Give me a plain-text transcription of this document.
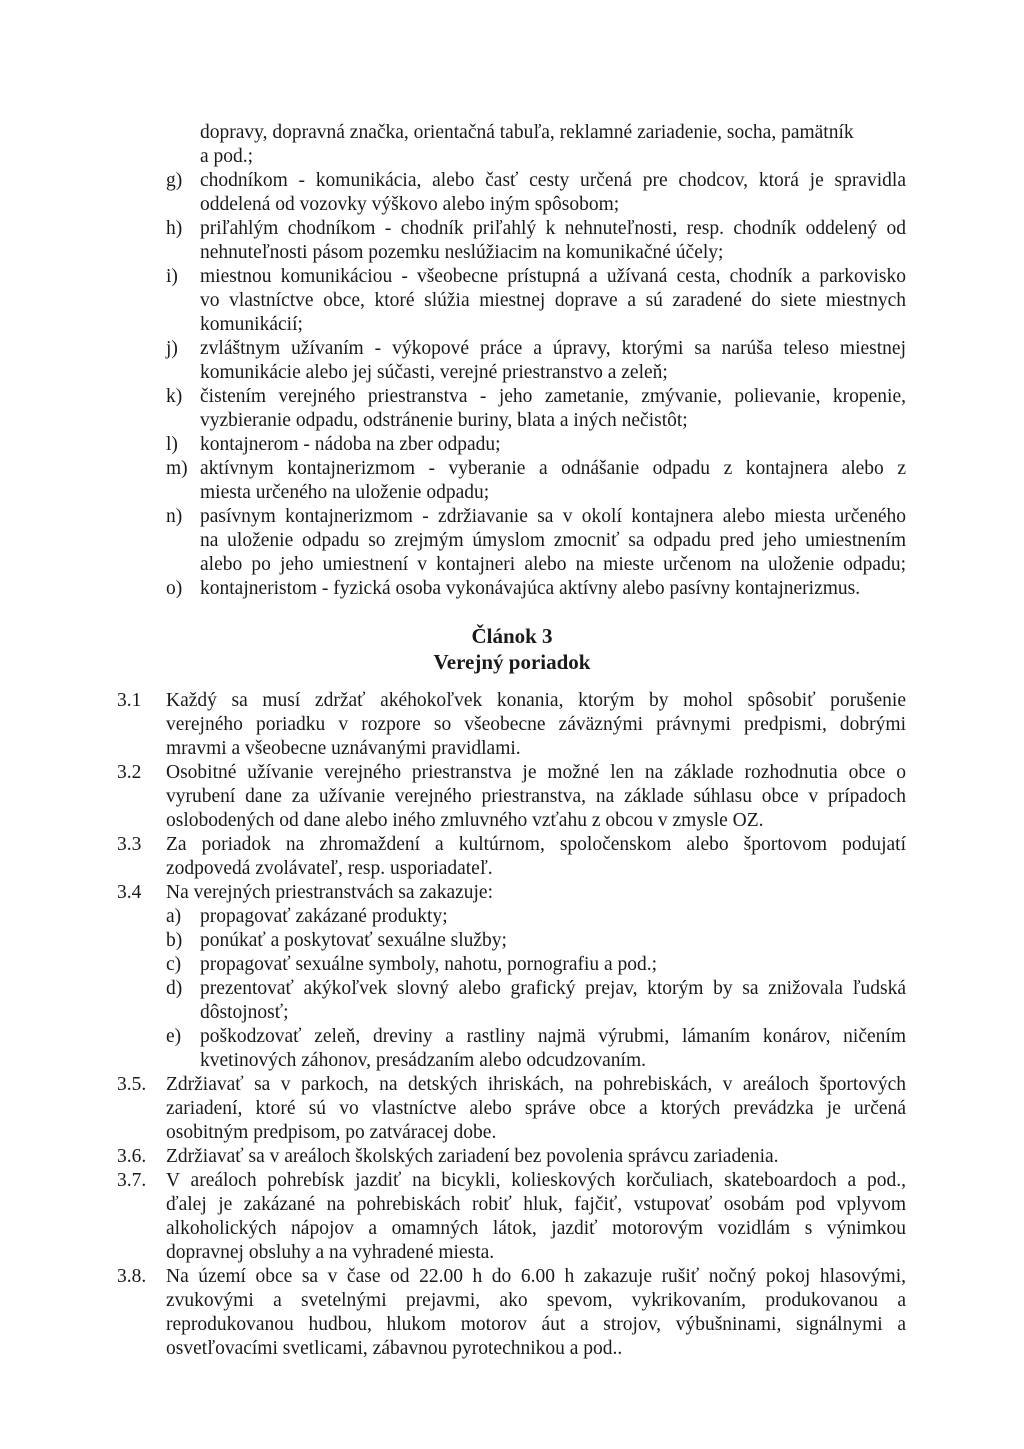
dopravy, dopravná značka, orientačná tabuľa, reklamné zariadenie, socha, pamätník
a pod.;
g) chodníkom - komunikácia, alebo časť cesty určená pre chodcov, ktorá je spravidla
oddelená od vozovky výškovo alebo iným spôsobom;
h) priľahlým chodníkom - chodník priľahlý k nehnuteľnosti, resp. chodník oddelený od
nehnuteľnosti pásom pozemku neslúžiacim na komunikačné účely;
i) miestnou komunikáciou - všeobecne prístupná a užívaná cesta, chodník a parkovisko
vo vlastníctve obce, ktoré slúžia miestnej doprave a sú zaradené do siete miestnych
komunikácií;
j) zvláštnym užívaním - výkopové práce a úpravy, ktorými sa narúša teleso miestnej
komunikácie alebo jej súčasti, verejné priestranstvo a zeleň;
k) čistením verejného priestranstva - jeho zametanie, zmývanie, polievanie, kropenie,
vyzbieranie odpadu, odstránenie buriny, blata a iných nečistôt;
l) kontajnerom - nádoba na zber odpadu;
m) aktívnym kontajnerizmom - vyberanie a odnášanie odpadu z kontajnera alebo z
miesta určeného na uloženie odpadu;
n) pasívnym kontajnerizmom - zdržiavanie sa v okolí kontajnera alebo miesta určeného
na uloženie odpadu so zrejmým úmyslom zmocniť sa odpadu pred jeho umiestnením
alebo po jeho umiestnení v kontajneri alebo na mieste určenom na uloženie odpadu;
o) kontajneristom - fyzická osoba vykonávajúca aktívny alebo pasívny kontajnerizmus.
Článok 3
Verejný poriadok
3.1 Každý sa musí zdržať akéhokoľvek konania, ktorým by mohol spôsobiť porušenie
verejného poriadku v rozpore so všeobecne záväznými právnymi predpismi, dobrými
mravmi a všeobecne uznávanými pravidlami.
3.2 Osobitné užívanie verejného priestranstva je možné len na základe rozhodnutia obce o
vyrubení dane za užívanie verejného priestranstva, na základe súhlasu obce v prípadoch
oslobodených od dane alebo iného zmluvného vzťahu z obcou v zmysle OZ.
3.3 Za poriadok na zhromaždení a kultúrnom, spoločenskom alebo športovom podujatí
zodpovedá zvolávateľ, resp. usporiadateľ.
3.4 Na verejných priestranstvách sa zakazuje:
a) propagovať zakázané produkty;
b) ponúkať a poskytovať sexuálne služby;
c) propagovať sexuálne symboly, nahotu, pornografiu a pod.;
d) prezentovať akýkoľvek slovný alebo grafický prejav, ktorým by sa znižovala ľudská
dôstojnosť;
e) poškodzovať zeleň, dreviny a rastliny najmä výrubmi, lámaním konárov, ničením
kvetinových záhonov, presádzaním alebo odcudzovaním.
3.5. Zdržiavať sa v parkoch, na detských ihriskách, na pohrebiskách, v areáloch športových
zariadení, ktoré sú vo vlastníctve alebo správe obce a ktorých prevádzka je určená
osobitným predpisom, po zatváracej dobe.
3.6. Zdržiavať sa v areáloch školských zariadení bez povolenia správcu zariadenia.
3.7. V areáloch pohrebísk jazdiť na bicykli, kolieskových korčuliach, skateboardoch a pod.,
ďalej je zakázané na pohrebiskách robiť hluk, fajčiť, vstupovať osobám pod vplyvom
alkoholických nápojov a omamných látok, jazdiť motorovým vozidlám s výnimkou
dopravnej obsluhy a na vyhradené miesta.
3.8. Na území obce sa v čase od 22.00 h do 6.00 h zakazuje rušiť nočný pokoj hlasovými,
zvukovými a svetelnými prejavmi, ako spevom, vykrikovaním, produkovanou a
reprodukovanou hudbou, hlukom motorov áut a strojov, výbušninami, signálnymi a
osvetľovacími svetlicami, zábavnou pyrotechnikou a pod..
